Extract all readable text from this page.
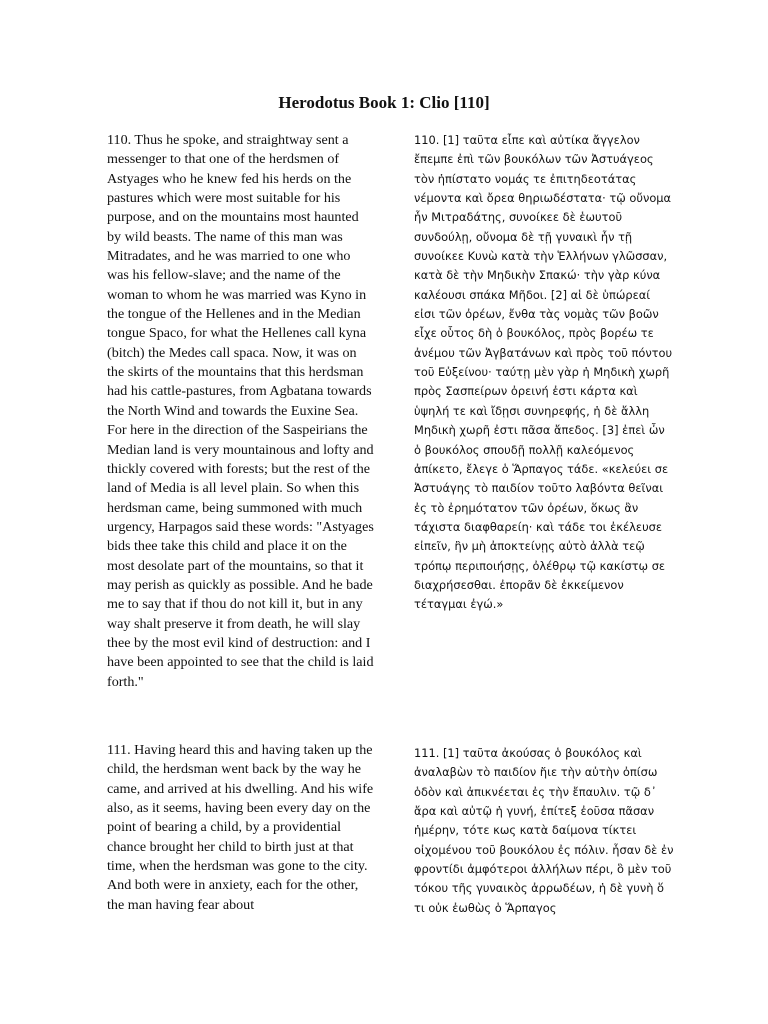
Herodotus Book 1: Clio [110]

110. Thus he spoke, and straightway sent a messenger to that one of the herdsmen of Astyages who he knew fed his herds on the pastures which were most suitable for his purpose, and on the mountains most haunted by wild beasts. The name of this man was Mitradates, and he was married to one who was his fellow-slave; and the name of the woman to whom he was married was Kyno in the tongue of the Hellenes and in the Median tongue Spaco, for what the Hellenes call kyna (bitch) the Medes call spaca. Now, it was on the skirts of the mountains that this herdsman had his cattle-pastures, from Agbatana towards the North Wind and towards the Euxine Sea. For here in the direction of the Saspeirians the Median land is very mountainous and lofty and thickly covered with forests; but the rest of the land of Media is all level plain. So when this herdsman came, being summoned with much urgency, Harpagos said these words: "Astyages bids thee take this child and place it on the most desolate part of the mountains, so that it may perish as quickly as possible. And he bade me to say that if thou do not kill it, but in any way shalt preserve it from death, he will slay thee by the most evil kind of destruction: and I have been appointed to see that the child is laid forth."

110. [1] ταῦτα εἶπε καὶ αὐτίκα ἄγγελον ἔπεμπε ἐπὶ τῶν βουκόλων τῶν Ἀστυάγεος τὸν ἠπίστατο νομάς τε ἐπιτηδεοτάτας νέμοντα καὶ ὄρεα θηριωδέστατα· τῷ οὔνομα ἦν Μιτραδάτης, συνοίκεε δὲ ἑωυτοῦ συνδούλῃ, οὔνομα δὲ τῇ γυναικὶ ἦν τῇ συνοίκεε Κυνὼ κατὰ τὴν Ἑλλήνων γλῶσσαν, κατὰ δὲ τὴν Μηδικὴν Σπακώ· τὴν γὰρ κύνα καλέουσι σπάκα Μῆδοι. [2] αἱ δὲ ὑπώρεαί εἰσι τῶν ὀρέων, ἔνθα τὰς νομὰς τῶν βοῶν εἶχε οὗτος δὴ ὁ βουκόλος, πρὸς βορέω τε ἀνέμου τῶν Ἀγβατάνων καὶ πρὸς τοῦ πόντου τοῦ Εὐξείνου· ταύτῃ μὲν γὰρ ἡ Μηδικὴ χωρῆ πρὸς Σασπείρων ὀρεινή ἐστι κάρτα καὶ ὑψηλή τε καὶ ἴδῃσι συνηρεφής, ἡ δὲ ἄλλη Μηδικὴ χωρῆ ἐστι πᾶσα ἄπεδος. [3] ἐπεὶ ὦν ὁ βουκόλος σπουδῇ πολλῇ καλεόμενος ἀπίκετο, ἔλεγε ὁ Ἅρπαγος τάδε. «κελεύει σε Ἀστυάγης τὸ παιδίον τοῦτο λαβόντα θεῖναι ἐς τὸ ἐρημότατον τῶν ὀρέων, ὅκως ἂν τάχιστα διαφθαρείη· καὶ τάδε τοι ἐκέλευσε εἰπεῖν, ἢν μὴ ἀποκτείνῃς αὐτὸ ἀλλὰ τεῷ τρόπῳ περιποιήσῃς, ὀλέθρῳ τῷ κακίστῳ σε διαχρήσεσθαι. ἐπορᾶν δὲ ἐκκείμενον τέταγμαι ἐγώ.»

111. Having heard this and having taken up the child, the herdsman went back by the way he came, and arrived at his dwelling. And his wife also, as it seems, having been every day on the point of bearing a child, by a providential chance brought her child to birth just at that time, when the herdsman was gone to the city. And both were in anxiety, each for the other, the man having fear about

111. [1] ταῦτα ἀκούσας ὁ βουκόλος καὶ ἀναλαβὼν τὸ παιδίον ἤιε τὴν αὐτὴν ὀπίσω ὁδὸν καὶ ἀπικνέεται ἐς τὴν ἔπαυλιν. τῷ δ᾽ ἄρα καὶ αὐτῷ ἡ γυνή, ἐπίτεξ ἐοῦσα πᾶσαν ἡμέρην, τότε κως κατὰ δαίμονα τίκτει οἰχομένου τοῦ βουκόλου ἐς πόλιν. ἦσαν δὲ ἐν φροντίδι ἀμφότεροι ἀλλήλων πέρι, ὃ μὲν τοῦ τόκου τῆς γυναικὸς ἀρρωδέων, ἡ δὲ γυνὴ ὅ τι οὐκ ἐωθὼς ὁ Ἅρπαγος
